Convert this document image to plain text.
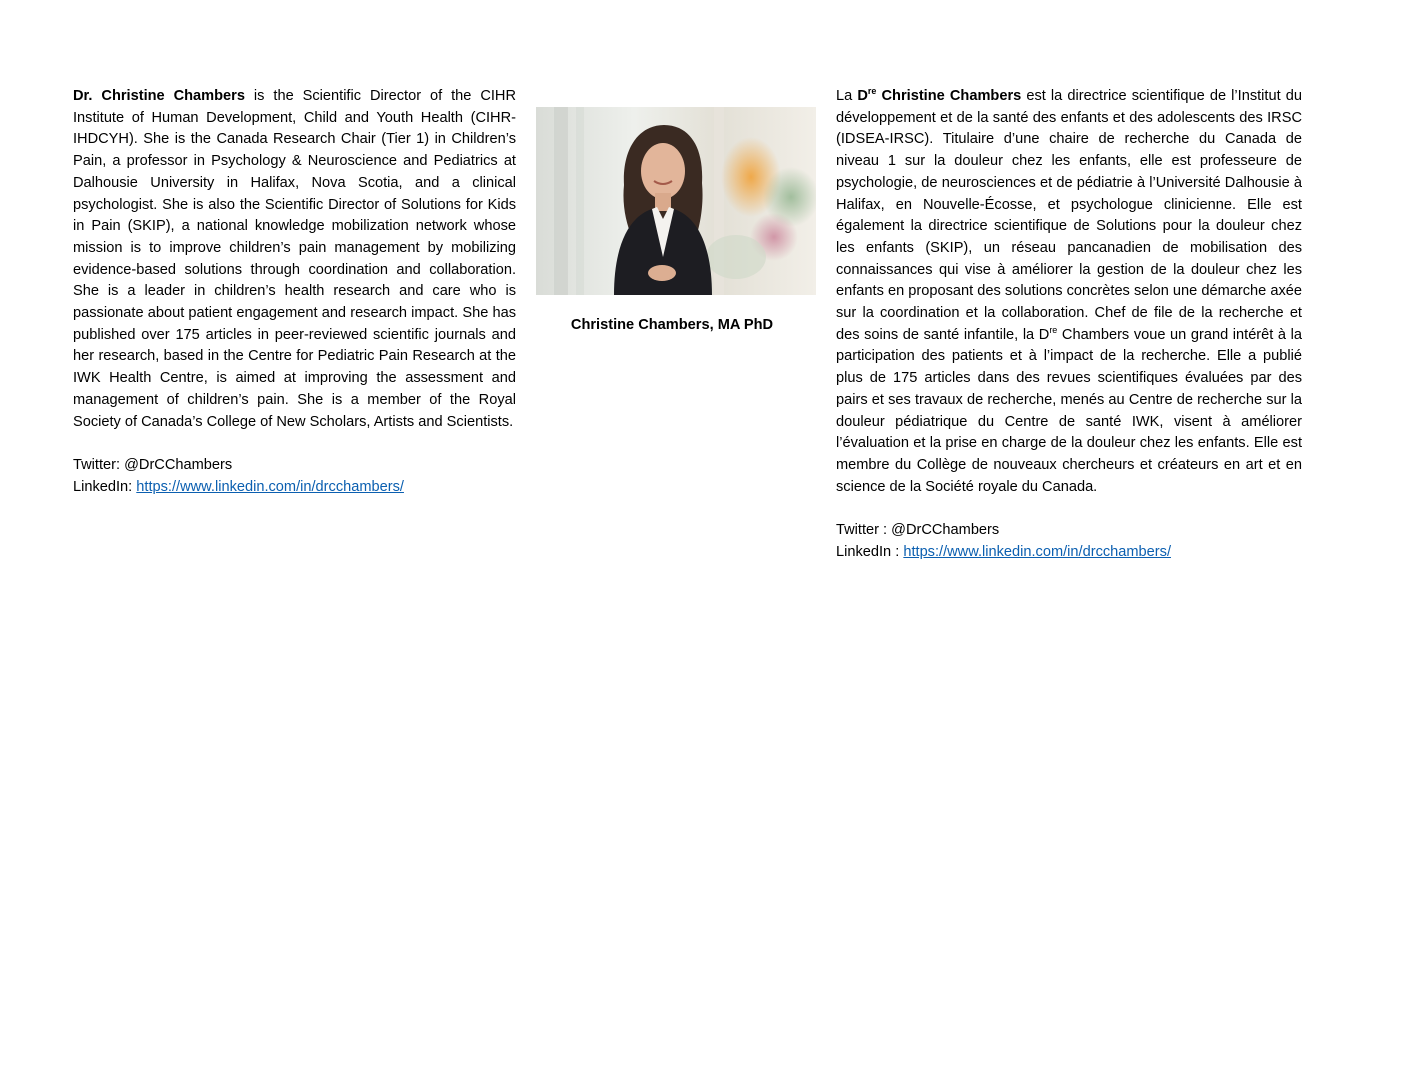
Dr. Christine Chambers is the Scientific Director of the CIHR Institute of Human Development, Child and Youth Health (CIHR-IHDCYH). She is the Canada Research Chair (Tier 1) in Children’s Pain, a professor in Psychology & Neuroscience and Pediatrics at Dalhousie University in Halifax, Nova Scotia, and a clinical psychologist. She is also the Scientific Director of Solutions for Kids in Pain (SKIP), a national knowledge mobilization network whose mission is to improve children’s pain management by mobilizing evidence-based solutions through coordination and collaboration. She is a leader in children’s health research and care who is passionate about patient engagement and research impact. She has published over 175 articles in peer-reviewed scientific journals and her research, based in the Centre for Pediatric Pain Research at the IWK Health Centre, is aimed at improving the assessment and management of children’s pain. She is a member of the Royal Society of Canada’s College of New Scholars, Artists and Scientists.

Twitter: @DrCChambers

LinkedIn: https://www.linkedin.com/in/drcchambers/

Christine Chambers, MA PhD

La Dre Christine Chambers est la directrice scientifique de l’Institut du développement et de la santé des enfants et des adolescents des IRSC (IDSEA-IRSC). Titulaire d’une chaire de recherche du Canada de niveau 1 sur la douleur chez les enfants, elle est professeure de psychologie, de neurosciences et de pédiatrie à l’Université Dalhousie à Halifax, en Nouvelle-Écosse, et psychologue clinicienne. Elle est également la directrice scientifique de Solutions pour la douleur chez les enfants (SKIP), un réseau pancanadien de mobilisation des connaissances qui vise à améliorer la gestion de la douleur chez les enfants en proposant des solutions concrètes selon une démarche axée sur la coordination et la collaboration. Chef de file de la recherche et des soins de santé infantile, la Dre Chambers voue un grand intérêt à la participation des patients et à l’impact de la recherche. Elle a publié plus de 175 articles dans des revues scientifiques évaluées par des pairs et ses travaux de recherche, menés au Centre de recherche sur la douleur pédiatrique du Centre de santé IWK, visent à améliorer l’évaluation et la prise en charge de la douleur chez les enfants. Elle est membre du Collège de nouveaux chercheurs et créateurs en art et en science de la Société royale du Canada.

Twitter : @DrCChambers

LinkedIn : https://www.linkedin.com/in/drcchambers/
